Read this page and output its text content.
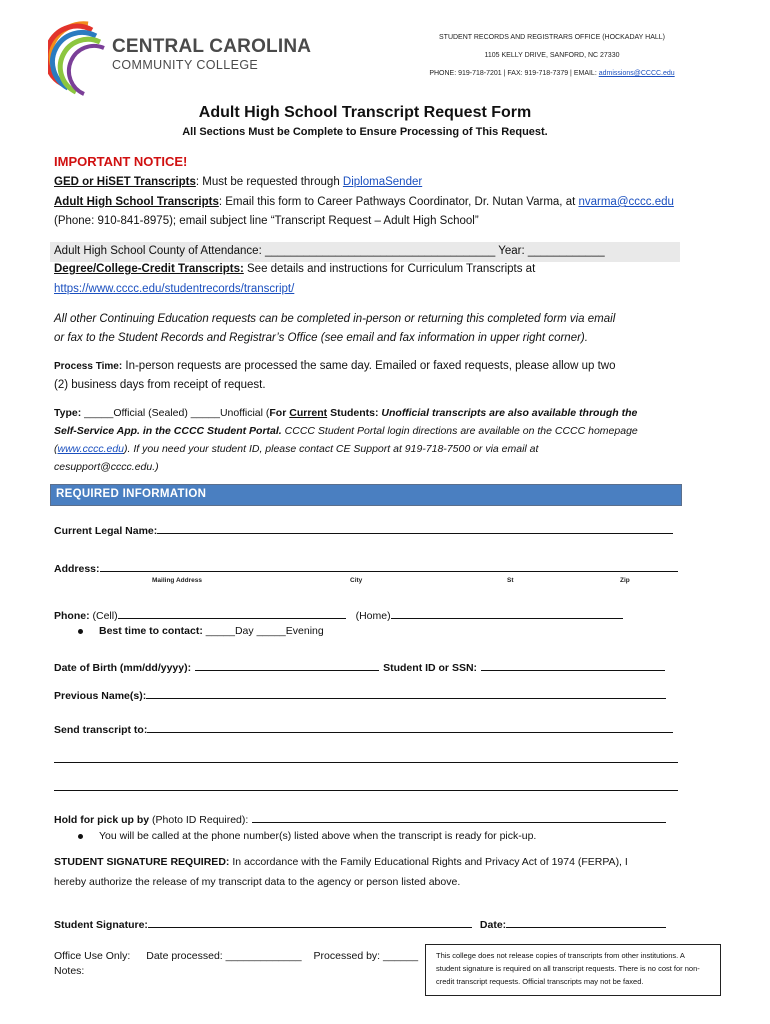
CENTRAL CAROLINA
COMMUNITY COLLEGE
STUDENT RECORDS AND REGISTRARS OFFICE (HOCKADAY HALL)
1105 KELLY DRIVE, SANFORD, NC 27330
PHONE: 919-718-7201 | FAX: 919-718-7379 | EMAIL: admissions@CCCC.edu
Adult High School Transcript Request Form
All Sections Must be Complete to Ensure Processing of This Request.
IMPORTANT NOTICE!
GED or HiSET Transcripts: Must be requested through DiplomaSender
Adult High School Transcripts: Email this form to Career Pathways Coordinator, Dr. Nutan Varma, at nvarma@cccc.edu
(Phone: 910-841-8975); email subject line “Transcript Request – Adult High School”
Adult High School County of Attendance: ____________________________________ Year: ____________
Degree/College-Credit Transcripts: See details and instructions for Curriculum Transcripts at
https://www.cccc.edu/studentrecords/transcript/
All other Continuing Education requests can be completed in-person or returning this completed form via email
or fax to the Student Records and Registrar’s Office (see email and fax information in upper right corner).
Process Time: In-person requests are processed the same day. Emailed or faxed requests, please allow up two
(2) business days from receipt of request.
Type: _____Official (Sealed) _____Unofficial (For Current Students: Unofficial transcripts are also available through the
Self-Service App. in the CCCC Student Portal. CCCC Student Portal login directions are available on the CCCC homepage
(www.cccc.edu). If you need your student ID, please contact CE Support at 919-718-7500 or via email at
cesupport@cccc.edu.)
REQUIRED INFORMATION
Current Legal Name:
Address:
Mailing Address	City	St	Zip
Phone: (Cell)	(Home)
Best time to contact: _____Day _____Evening
Date of Birth (mm/dd/yyyy):	Student ID or SSN:
Previous Name(s):
Send transcript to:
Hold for pick up by (Photo ID Required):
You will be called at the phone number(s) listed above when the transcript is ready for pick-up.
STUDENT SIGNATURE REQUIRED: In accordance with the Family Educational Rights and Privacy Act of 1974 (FERPA), I
hereby authorize the release of my transcript data to the agency or person listed above.
Student Signature:	Date:
Office Use Only: Date processed: _____________ Processed by: ______
Notes:
This college does not release copies of transcripts from other institutions. A student signature is required on all transcript requests. There is no cost for non-credit transcript requests. Official transcripts may not be faxed.
